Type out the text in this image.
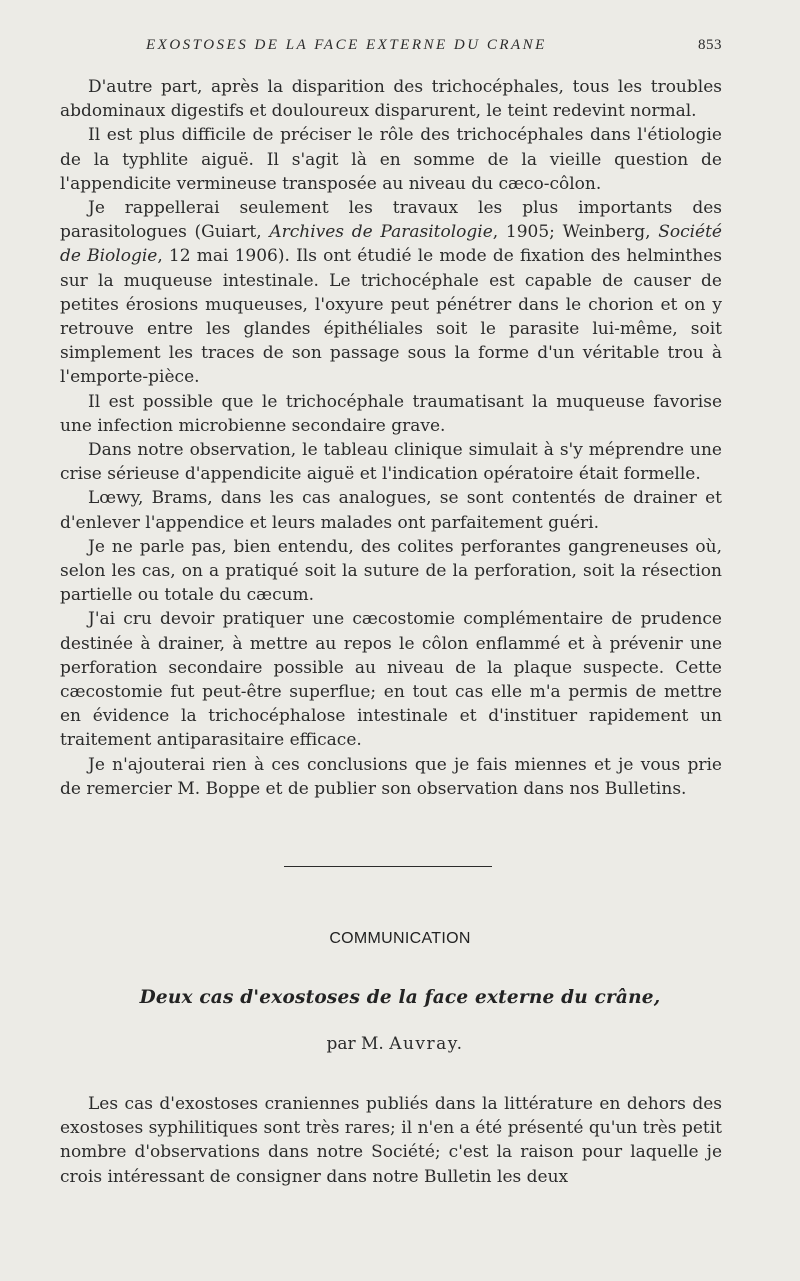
EXOSTOSES DE LA FACE EXTERNE DU CRANE	853

D'autre part, après la disparition des trichocéphales, tous les troubles abdominaux digestifs et douloureux disparurent, le teint redevint normal.

Il est plus difficile de préciser le rôle des trichocéphales dans l'étiologie de la typhlite aiguë. Il s'agit là en somme de la vieille question de l'appendicite vermineuse transposée au niveau du cæco-côlon.

Je rappellerai seulement les travaux les plus importants des parasitologues (Guiart, Archives de Parasitologie, 1905; Weinberg, Société de Biologie, 12 mai 1906). Ils ont étudié le mode de fixation des helminthes sur la muqueuse intestinale. Le trichocéphale est capable de causer de petites érosions muqueuses, l'oxyure peut pénétrer dans le chorion et on y retrouve entre les glandes épithéliales soit le parasite lui-même, soit simplement les traces de son passage sous la forme d'un véritable trou à l'emporte-pièce.

Il est possible que le trichocéphale traumatisant la muqueuse favorise une infection microbienne secondaire grave.

Dans notre observation, le tableau clinique simulait à s'y méprendre une crise sérieuse d'appendicite aiguë et l'indication opératoire était formelle.

Lœwy, Brams, dans les cas analogues, se sont contentés de drainer et d'enlever l'appendice et leurs malades ont parfaitement guéri.

Je ne parle pas, bien entendu, des colites perforantes gangreneuses où, selon les cas, on a pratiqué soit la suture de la perforation, soit la résection partielle ou totale du cæcum.

J'ai cru devoir pratiquer une cæcostomie complémentaire de prudence destinée à drainer, à mettre au repos le côlon enflammé et à prévenir une perforation secondaire possible au niveau de la plaque suspecte. Cette cæcostomie fut peut-être superflue; en tout cas elle m'a permis de mettre en évidence la trichocéphalose intestinale et d'instituer rapidement un traitement antiparasitaire efficace.

Je n'ajouterai rien à ces conclusions que je fais miennes et je vous prie de remercier M. Boppe et de publier son observation dans nos Bulletins.

COMMUNICATION
Deux cas d'exostoses de la face externe du crâne,
par M. Auvray.

Les cas d'exostoses craniennes publiés dans la littérature en dehors des exostoses syphilitiques sont très rares; il n'en a été présenté qu'un très petit nombre d'observations dans notre Société; c'est la raison pour laquelle je crois intéressant de consigner dans notre Bulletin les deux
